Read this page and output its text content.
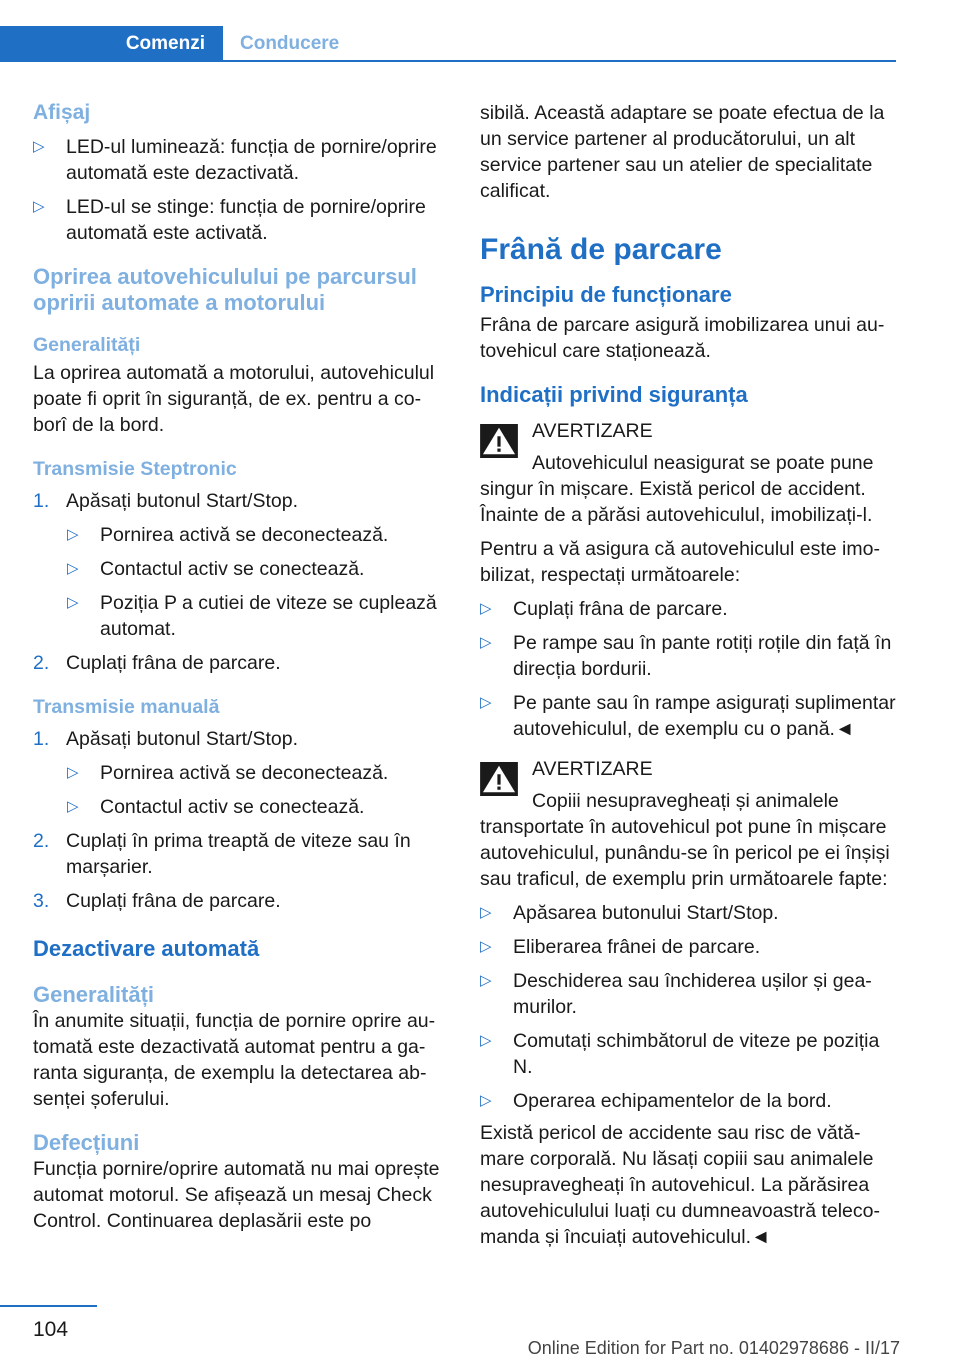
Comenzi	Conducere

Afișaj

▷ LED-ul luminează: funcția de pornire/oprire automată este dezactivată.
▷ LED-ul se stinge: funcția de pornire/oprire automată este activată.

Oprirea autovehiculului pe parcursul opririi automate a motorului

Generalități

La oprirea automată a motorului, autovehiculul poate fi oprit în siguranță, de ex. pentru a coborî de la bord.

Transmisie Steptronic

1. Apăsați butonul Start/Stop.
▷ Pornirea activă se deconectează.
▷ Contactul activ se conectează.
▷ Poziția P a cutiei de viteze se cuplează automat.
2. Cuplați frâna de parcare.

Transmisie manuală

1. Apăsați butonul Start/Stop.
▷ Pornirea activă se deconectează.
▷ Contactul activ se conectează.
2. Cuplați în prima treaptă de viteze sau în marșarier.
3. Cuplați frâna de parcare.

Dezactivare automată

Generalități

În anumite situații, funcția de pornire oprire automată este dezactivată automat pentru a garanta siguranța, de exemplu la detectarea absenței șoferului.

Defecțiuni

Funcția pornire/oprire automată nu mai oprește automat motorul. Se afișează un mesaj Check Control. Continuarea deplasării este po

sibilă. Această adaptare se poate efectua de la un service partener al producătorului, un alt service partener sau un atelier de specialitate calificat.

Frână de parcare

Principiu de funcționare

Frâna de parcare asigură imobilizarea unui autovehicul care staționează.

Indicații privind siguranța

AVERTIZARE

Autovehiculul neasigurat se poate pune

singur în mișcare. Există pericol de accident. Înainte de a părăsi autovehiculul, imobilizați-l.

Pentru a vă asigura că autovehiculul este imobilizat, respectați următoarele:

▷ Cuplați frâna de parcare.
▷ Pe rampe sau în pante rotiți roțile din față în direcția bordurii.
▷ Pe pante sau în rampe asigurați suplimentar autovehiculul, de exemplu cu o pană.◄

AVERTIZARE

Copiii nesupravegheați și animalele

transportate în autovehicul pot pune în mișcare autovehiculul, punându-se în pericol pe ei înșiși sau traficul, de exemplu prin următoarele fapte:

▷ Apăsarea butonului Start/Stop.
▷ Eliberarea frânei de parcare.
▷ Deschiderea sau închiderea ușilor și geamurilor.
▷ Comutați schimbătorul de viteze pe poziția N.
▷ Operarea echipamentelor de la bord.

Există pericol de accidente sau risc de vătămare corporală. Nu lăsați copiii sau animalele nesupravegheați în autovehicul. La părăsirea autovehiculului luați cu dumneavoastră telecomanda și încuiați autovehiculul.◄

104
Online Edition for Part no. 01402978686 - II/17
